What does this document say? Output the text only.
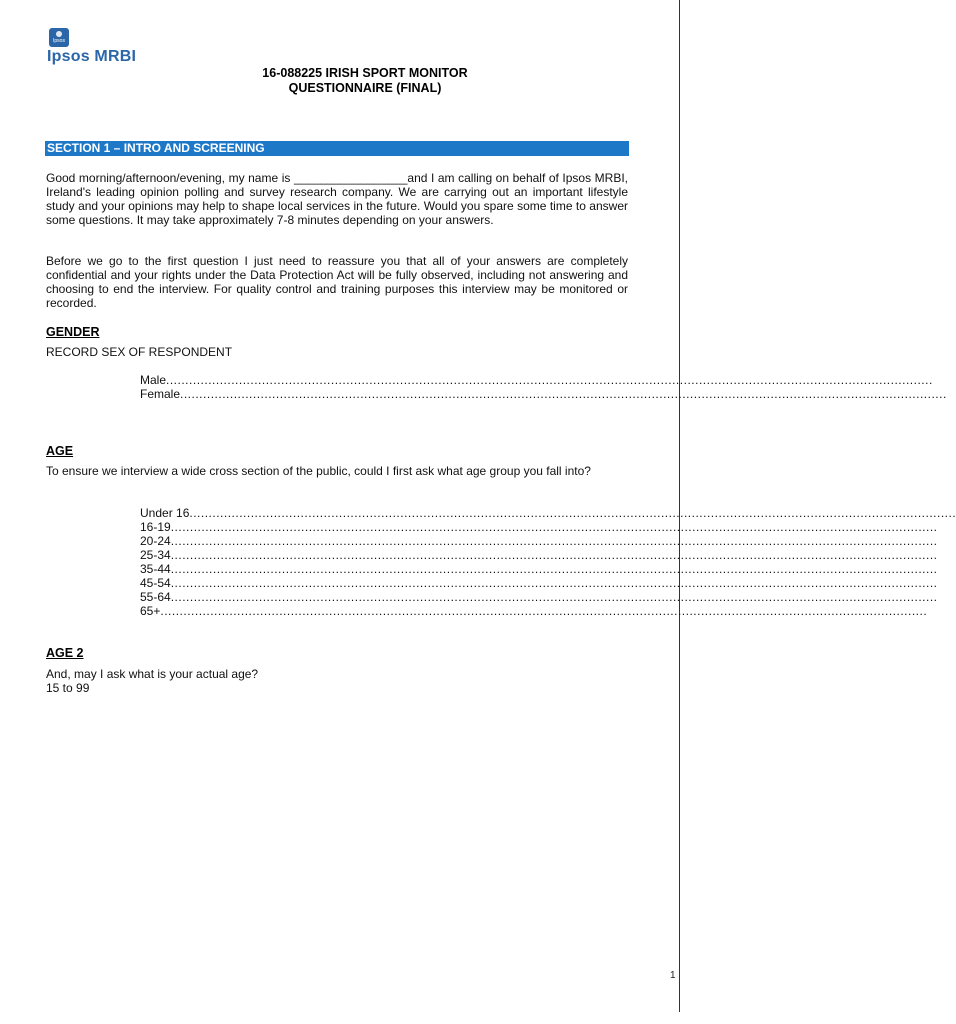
Ipsos
Ipsos MRBI
16-088225 IRISH SPORT MONITOR
QUESTIONNAIRE (FINAL)
SECTION 1 – INTRO AND SCREENING
Good morning/afternoon/evening, my name is _________________and I am calling on behalf of Ipsos MRBI, Ireland's leading opinion polling and survey research company. We are carrying out an important lifestyle study and your opinions may help to shape local services in the future. Would you spare some time to answer some questions. It may take approximately 7-8 minutes depending on your answers.
Before we go to the first question I just need to reassure you that all of your answers are completely confidential and your rights under the Data Protection Act will be fully observed, including not answering and choosing to end the interview. For quality control and training purposes this interview may be monitored or recorded.
GENDER
RECORD SEX OF RESPONDENT
Male ........................................................................................................................................................................................................
Female ........................................................................................................................................................................................................
AGE
To ensure we interview a wide cross section of the public, could I first ask what age group you fall into?
Under 16 ........................................................................................................................................................................................................
16-19 ........................................................................................................................................................................................................
20-24 ........................................................................................................................................................................................................
25-34 ........................................................................................................................................................................................................
35-44 ........................................................................................................................................................................................................
45-54 ........................................................................................................................................................................................................
55-64 ........................................................................................................................................................................................................
65+ ........................................................................................................................................................................................................
AGE 2
And, may I ask what is your actual age?
15 to 99
1
